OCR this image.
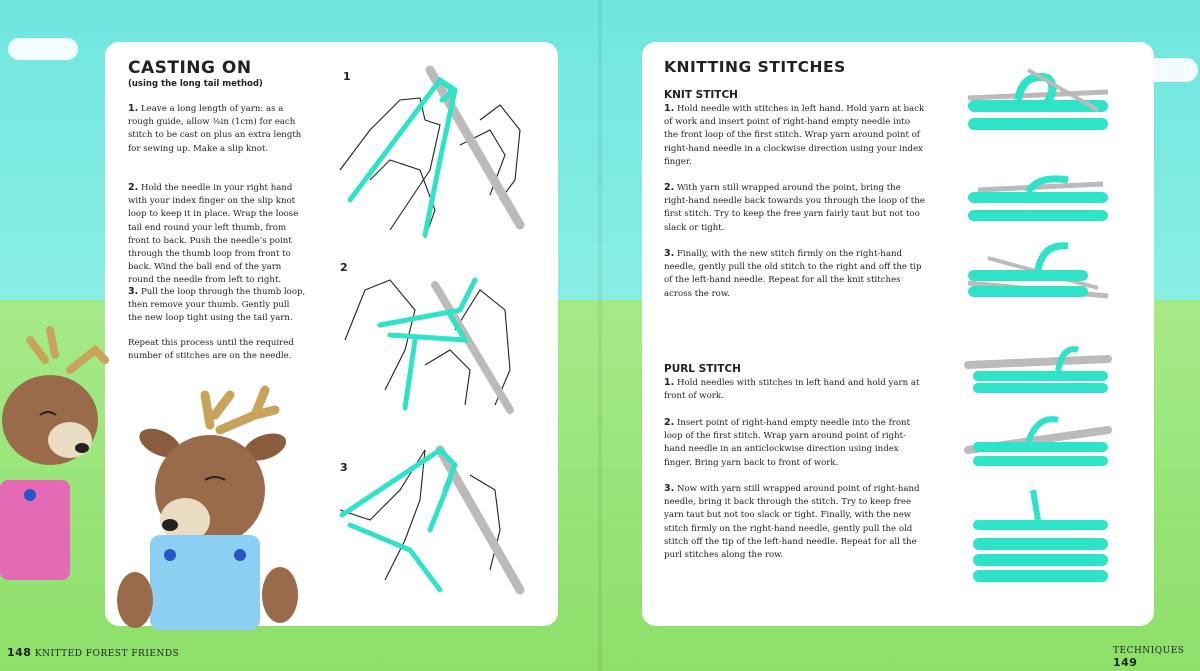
CASTING ON
(using the long tail method)
1. Leave a long length of yarn: as a rough guide, allow ⅜in (1cm) for each stitch to be cast on plus an extra length for sewing up. Make a slip knot.
2. Hold the needle in your right hand with your index finger on the slip knot loop to keep it in place. Wrap the loose tail end round your left thumb, from front to back. Push the needle’s point through the thumb loop from front to back. Wind the ball end of the yarn round the needle from left to right.
3. Pull the loop through the thumb loop, then remove your thumb. Gently pull the new loop tight using the tail yarn.
Repeat this process until the required number of stitches are on the needle.
1
2
3
148 KNITTED FOREST FRIENDS
KNITTING STITCHES
KNIT STITCH
1. Hold needle with stitches in left hand. Hold yarn at back of work and insert point of right-hand empty needle into the front loop of the first stitch. Wrap yarn around point of right-hand needle in a clockwise direction using your index finger.
2. With yarn still wrapped around the point, bring the right-hand needle back towards you through the loop of the first stitch. Try to keep the free yarn fairly taut but not too slack or tight.
3. Finally, with the new stitch firmly on the right-hand needle, gently pull the old stitch to the right and off the tip of the left-hand needle. Repeat for all the knit stitches across the row.
PURL STITCH
1. Hold needles with stitches in left hand and hold yarn at front of work.
2. Insert point of right-hand empty needle into the front loop of the first stitch. Wrap yarn around point of right-hand needle in an anticlockwise direction using index finger. Bring yarn back to front of work.
3. Now with yarn still wrapped around point of right-hand needle, bring it back through the stitch. Try to keep free yarn taut but not too slack or tight. Finally, with the new stitch firmly on the right-hand needle, gently pull the old stitch off the tip of the left-hand needle. Repeat for all the purl stitches along the row.
TECHNIQUES 149
